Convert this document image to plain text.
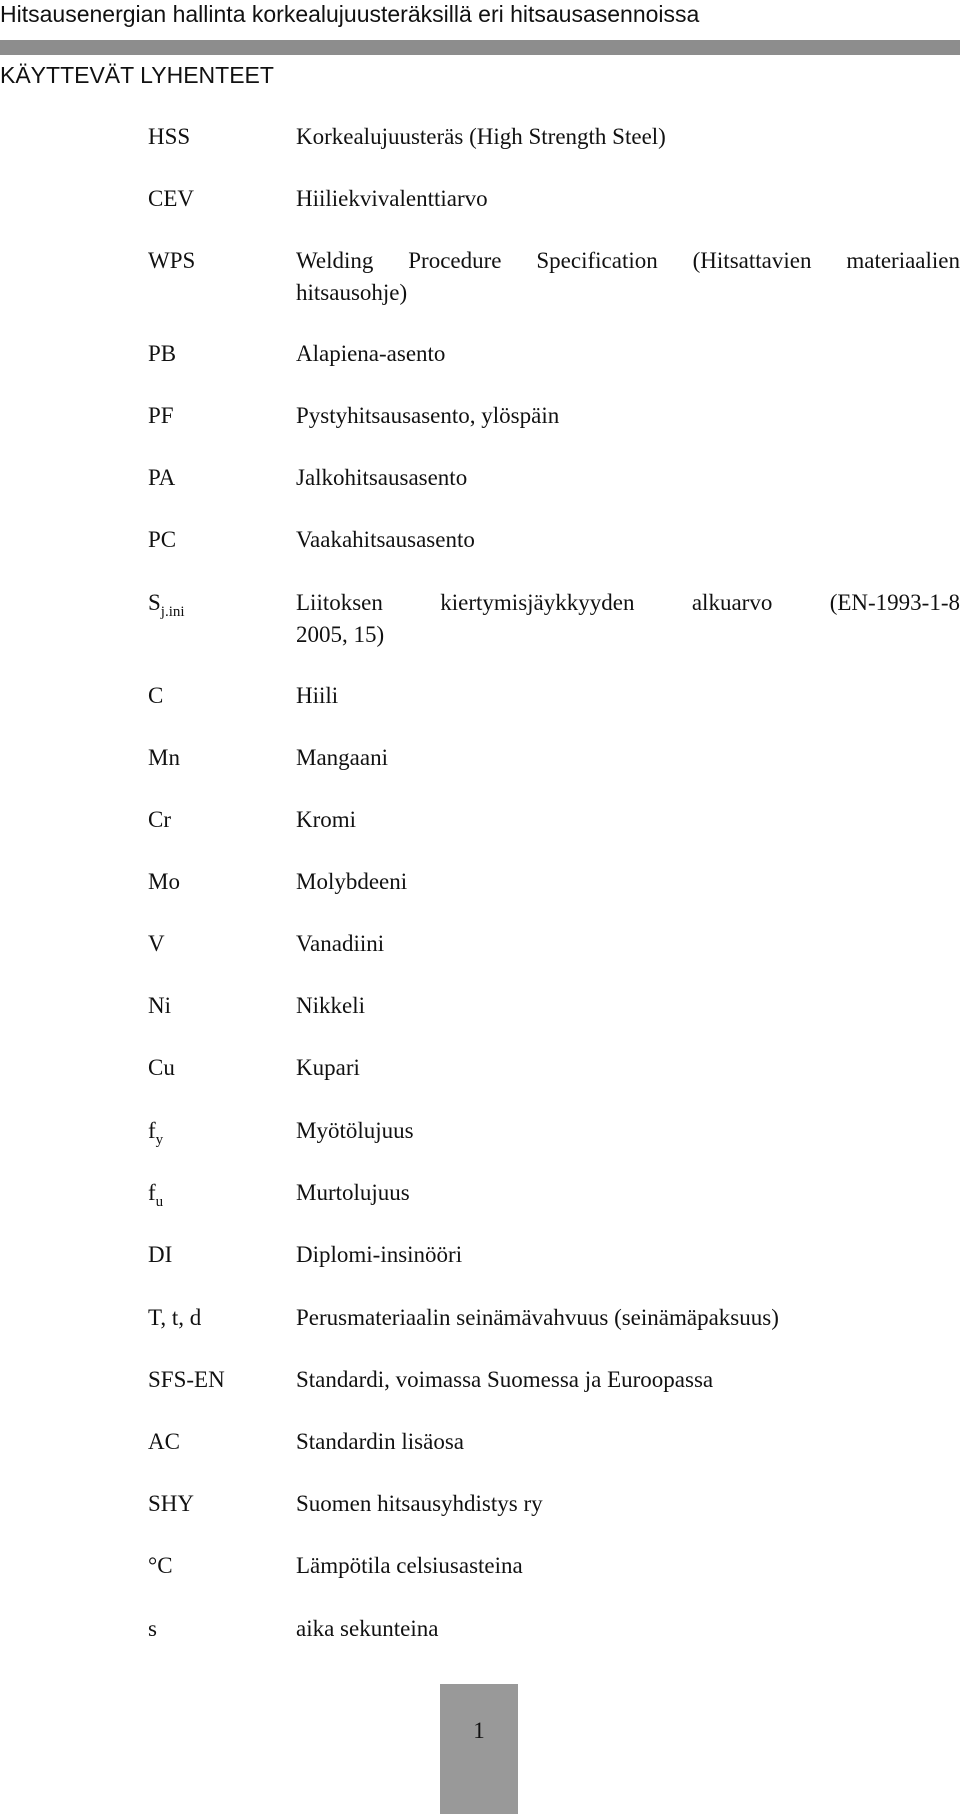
Hitsausenergian hallinta korkealujuusteräksillä eri hitsausasennoissa
KÄYTTEVÄT LYHENTEET
HSS	Korkealujuusteräs (High Strength Steel)
CEV	Hiiliekvivalenttiarvo
WPS	Welding Procedure Specification (Hitsattavien materiaalien
hitsausohje)
PB	Alapiena-asento
PF	Pystyhitsausasento, ylöspäin
PA	Jalkohitsausasento
PC	Vaakahitsausasento
$S_{j.ini}$	Liitoksen kiertymisjäykkyyden alkuarvo (EN-1993-1-8
2005, 15)
C	Hiili
Mn	Mangaani
Cr	Kromi
Mo	Molybdeeni
V	Vanadiini
Ni	Nikkeli
Cu	Kupari
$f_y$	Myötölujuus
$f_u$	Murtolujuus
DI	Diplomi-insinööri
T, t, d	Perusmateriaalin seinämävahvuus (seinämäpaksuus)
SFS-EN	Standardi, voimassa Suomessa ja Euroopassa
AC	Standardin lisäosa
SHY	Suomen hitsausyhdistys ry
°C	Lämpötila celsiusasteina
s	aika sekunteina
1
